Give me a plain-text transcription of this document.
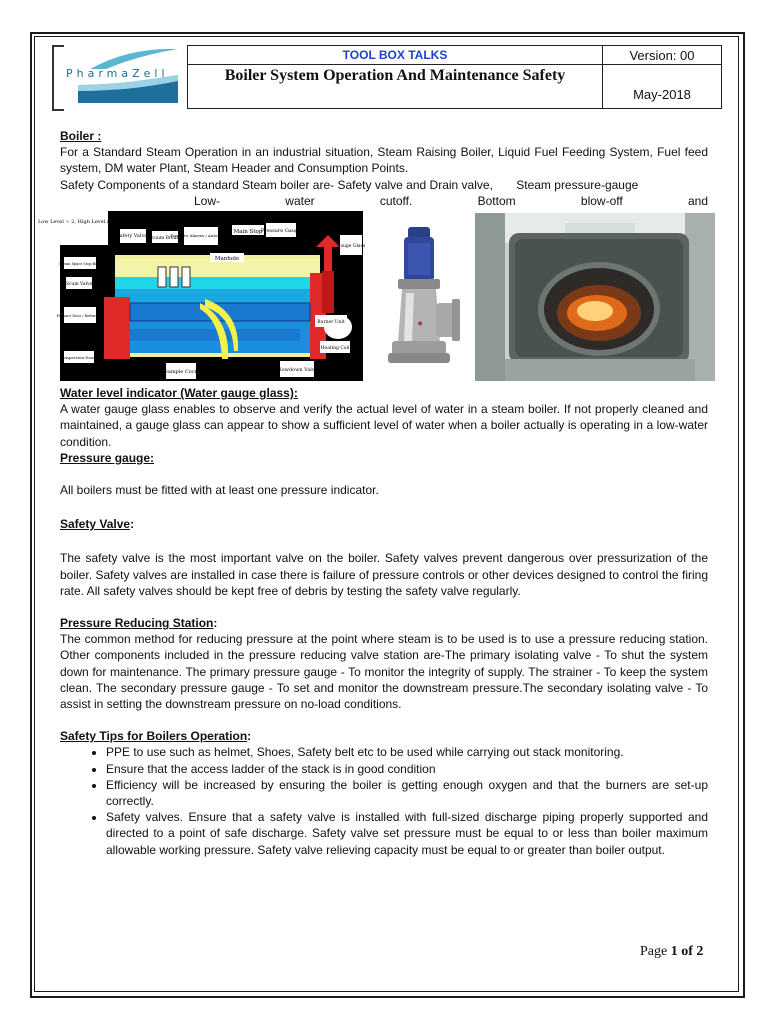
PharmaZell
TOOL BOX TALKS	Version: 00
Boiler System Operation And Maintenance Safety	May-2018

Boiler :

For a Standard Steam Operation in an industrial situation, Steam Raising Boiler, Liquid Fuel Feeding System, Fuel feed system, DM water Plant, Steam Header and Consumption Points.

Safety Components of a standard Steam boiler are- Safety valve and Drain valve, Steam pressure-gauge

Low- water cutoff.	Bottom blow-off and

Low Level ÷ 2, High Level and Feed
Safety Valves
Vacuum Breaker
Pressure Alarms / Automation
Main Stop
Pressure Gauge
Manhole
Gauge Glass
Steam Space Stop Bars
Scum Valve
Furnace Door / Refractory
Burner Unit
Heating Coil
Inspection Door
Sample Cock	Blowdown Valve
◉

Water level indicator (Water gauge glass):

A water gauge glass enables to observe and verify the actual level of water in a steam boiler. If not properly cleaned and maintained, a gauge glass can appear to show a sufficient level of water when a boiler actually is operating in a low-water condition.

Pressure gauge:

All boilers must be fitted with at least one pressure indicator.

Safety Valve:

The safety valve is the most important valve on the boiler. Safety valves prevent dangerous over pressurization of the boiler. Safety valves are installed in case there is failure of pressure controls or other devices designed to control the firing rate. All safety valves should be kept free of debris by testing the safety valve regularly.

Pressure Reducing Station:

The common method for reducing pressure at the point where steam is to be used is to use a pressure reducing station. Other components included in the pressure reducing valve station are-The primary isolating valve - To shut the system down for maintenance. The primary pressure gauge - To monitor the integrity of supply. The strainer - To keep the system clean. The secondary pressure gauge - To set and monitor the downstream pressure.The secondary isolating valve - To assist in setting the downstream pressure on no-load conditions.

Safety Tips for Boilers Operation:

• PPE to use such as helmet, Shoes, Safety belt etc to be used while carrying out stack monitoring.
• Ensure that the access ladder of the stack is in good condition
• Efficiency will be increased by ensuring the boiler is getting enough oxygen and that the burners are set-up correctly.
• Safety valves. Ensure that a safety valve is installed with full-sized discharge piping properly supported and directed to a point of safe discharge. Safety valve set pressure must be equal to or less than boiler maximum allowable working pressure. Safety valve relieving capacity must be equal to or greater than boiler output.
Page 1 of 2
